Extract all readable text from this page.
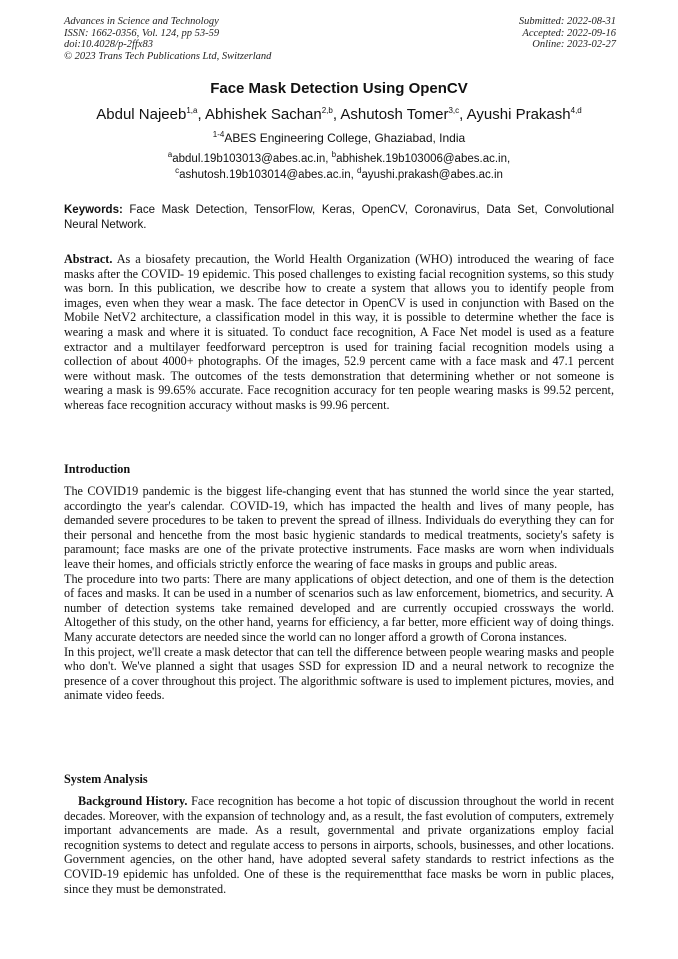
Advances in Science and Technology
ISSN: 1662-0356, Vol. 124, pp 53-59
doi:10.4028/p-2ffx83
© 2023 Trans Tech Publications Ltd, Switzerland
Submitted: 2022-08-31
Accepted: 2022-09-16
Online: 2023-02-27
Face Mask Detection Using OpenCV
Abdul Najeeb$^{1,a}$, Abhishek Sachan$^{2,b}$, Ashutosh Tomer$^{3,c}$, Ayushi Prakash$^{4,d}$
$^{1-4}$ABES Engineering College, Ghaziabad, India
$^a$abdul.19b103013@abes.ac.in, $^b$abhishek.19b103006@abes.ac.in,
$^c$ashutosh.19b103014@abes.ac.in, $^d$ayushi.prakash@abes.ac.in
Keywords: Face Mask Detection, TensorFlow, Keras, OpenCV, Coronavirus, Data Set, Convolutional Neural Network.
Abstract. As a biosafety precaution, the World Health Organization (WHO) introduced the wearing of face masks after the COVID- 19 epidemic. This posed challenges to existing facial recognition systems, so this study was born. In this publication, we describe how to create a system that allows you to identify people from images, even when they wear a mask. The face detector in OpenCV is used in conjunction with Based on the Mobile NetV2 architecture, a classification model in this way, it is possible to determine whether the face is wearing a mask and where it is situated. To conduct face recognition, A Face Net model is used as a feature extractor and a multilayer feedforward perceptron is used for training facial recognition models using a collection of about 4000+ photographs. Of the images, 52.9 percent came with a face mask and 47.1 percent were without mask. The outcomes of the tests demonstration that determining whether or not someone is wearing a mask is 99.65% accurate. Face recognition accuracy for ten people wearing masks is 99.52 percent, whereas face recognition accuracy without masks is 99.96 percent.
Introduction

The COVID19 pandemic is the biggest life-changing event that has stunned the world since the year started, accordingto the year's calendar. COVID-19, which has impacted the health and lives of many people, has demanded severe procedures to be taken to prevent the spread of illness. Individuals do everything they can for their personal and hencethe from the most basic hygienic standards to medical treatments, society's safety is paramount; face masks are one of the private protective instruments. Face masks are worn when individuals leave their homes, and officials strictly enforce the wearing of face masks in groups and public areas.

The procedure into two parts: There are many applications of object detection, and one of them is the detection of faces and masks. It can be used in a number of scenarios such as law enforcement, biometrics, and security. A number of detection systems take remained developed and are currently occupied crossways the world. Altogether of this study, on the other hand, yearns for efficiency, a far better, more efficient way of doing things. Many accurate detectors are needed since the world can no longer afford a growth of Corona instances.

In this project, we'll create a mask detector that can tell the difference between people wearing masks and people who don't. We've planned a sight that usages SSD for expression ID and a neural network to recognize the presence of a cover throughout this project. The algorithmic software is used to implement pictures, movies, and animate video feeds.

System Analysis
Background History. Face recognition has become a hot topic of discussion throughout the world in recent decades. Moreover, with the expansion of technology and, as a result, the fast evolution of computers, extremely important advancements are made. As a result, governmental and private organizations employ facial recognition systems to detect and regulate access to persons in airports, schools, businesses, and other locations. Government agencies, on the other hand, have adopted several safety standards to restrict infections as the COVID-19 epidemic has unfolded. One of these is the requirementthat face masks be worn in public places, since they must be demonstrated.
